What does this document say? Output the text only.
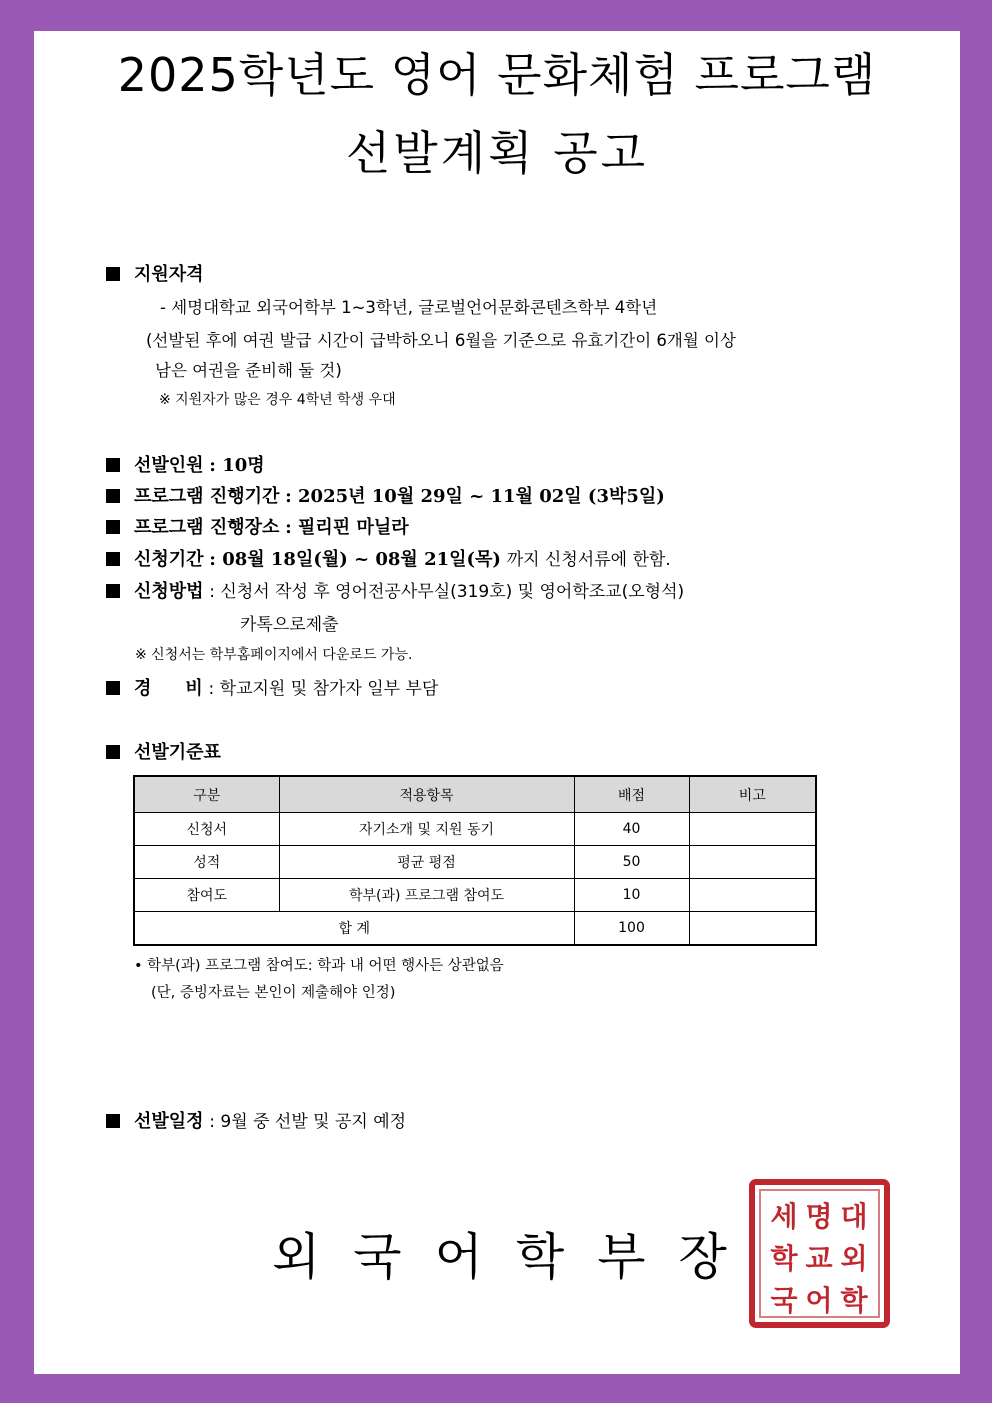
2025학년도 영어 문화체험 프로그램
선발계획 공고
지원자격
- 세명대학교 외국어학부 1~3학년, 글로벌언어문화콘텐츠학부 4학년
(선발된 후에 여권 발급 시간이 급박하오니 6월을 기준으로 유효기간이 6개월 이상
남은 여권을 준비해 둘 것)
※ 지원자가 많은 경우 4학년 학생 우대
선발인원 : 10명
프로그램 진행기간 : 2025년 10월 29일 ~ 11월 02일 (3박5일)
프로그램 진행장소 : 필리핀 마닐라
신청기간 : 08월 18일(월) ~ 08월 21일(목) 까지 신청서류에 한함.
신청방법 : 신청서 작성 후 영어전공사무실(319호) 및 영어학조교(오형석)
카톡으로제출
※ 신청서는 학부홈페이지에서 다운로드 가능.
경 비 : 학교지원 및 참가자 일부 부담
선발기준표
구분	적용항목	배점	비고
신청서	자기소개 및 지원 동기	40	
성적	평균 평점	50	
참여도	학부(과) 프로그램 참여도	10	
합 계		100	
• 학부(과) 프로그램 참여도: 학과 내 어떤 행사든 상관없음
(단, 증빙자료는 본인이 제출해야 인정)
선발일정 : 9월 중 선발 및 공지 예정
외국어학부장
세 명 대
학 교 외
국 어 학
